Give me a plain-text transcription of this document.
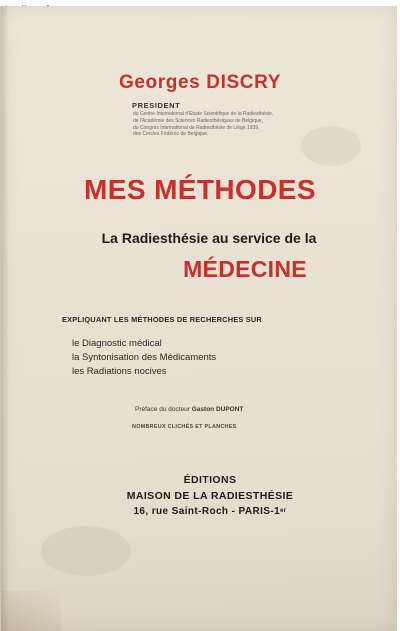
Georges DISCRY
PRESIDENT
du Centre International d'Étude Scientifique de la Radiesthésie,
de l'Académie des Sciences Radiesthésiques de Belgique,
du Congrès International de Radiesthésie de Liège 1939,
des Cercles Fédérés de Belgique.
MES MÉTHODES
La Radiesthésie au service de la
MÉDECINE
EXPLIQUANT LES MÉTHODES DE RECHERCHES SUR
le Diagnostic médical
la Syntonisation des Médicaments
les Radiations nocives
Préface du docteur Gaston DUPONT
NOMBREUX CLICHÉS ET PLANCHES
ÉDITIONS
MAISON DE LA RADIESTHÉSIE
16, rue Saint-Roch - PARIS-1er
